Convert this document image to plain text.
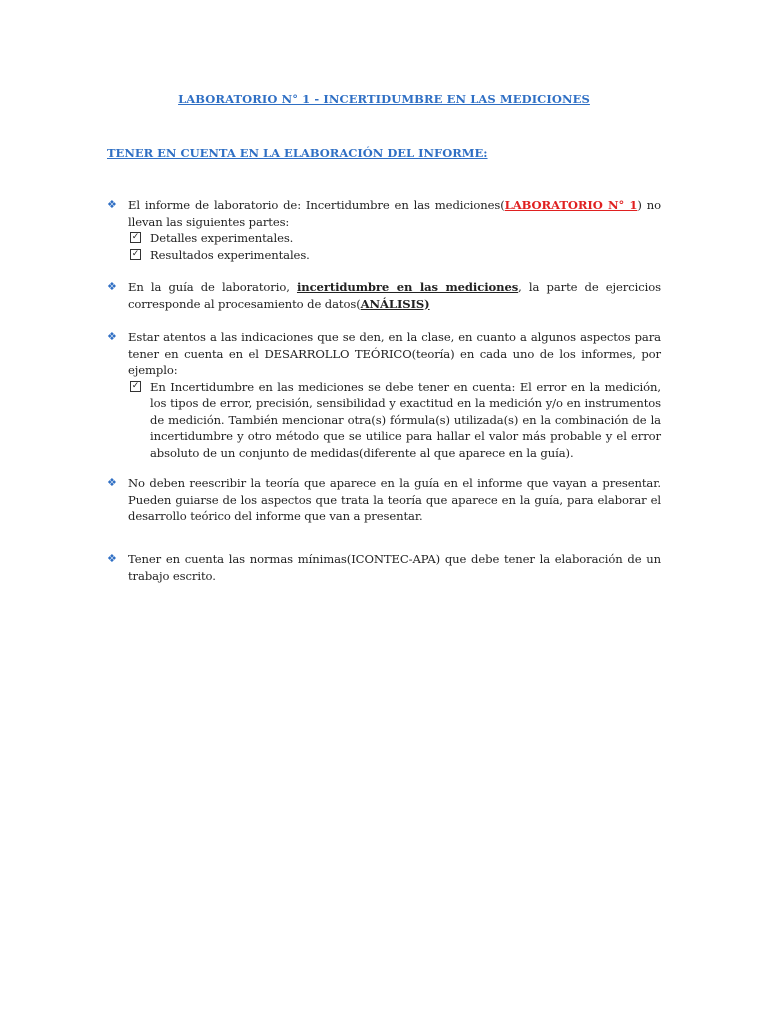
LABORATORIO N° 1 - INCERTIDUMBRE EN LAS MEDICIONES
TENER EN CUENTA EN LA ELABORACIÓN DEL INFORME:
❖ El informe de laboratorio de: Incertidumbre en las mediciones(LABORATORIO N° 1) no llevan las siguientes partes:
✓ Detalles experimentales.
✓ Resultados experimentales.
❖ En la guía de laboratorio, incertidumbre en las mediciones, la parte de ejercicios corresponde al procesamiento de datos(ANÁLISIS)
❖ Estar atentos a las indicaciones que se den, en la clase, en cuanto a algunos aspectos para tener en cuenta en el DESARROLLO TEÓRICO(teoría) en cada uno de los informes, por ejemplo:
✓ En Incertidumbre en las mediciones se debe tener en cuenta: El error en la medición, los tipos de error, precisión, sensibilidad y exactitud en la medición y/o en instrumentos de medición. También mencionar otra(s) fórmula(s) utilizada(s) en la combinación de la incertidumbre y otro método que se utilice para hallar el valor más probable y el error absoluto de un conjunto de medidas(diferente al que aparece en la guía).
❖ No deben reescribir la teoría que aparece en la guía en el informe que vayan a presentar. Pueden guiarse de los aspectos que trata la teoría que aparece en la guía, para elaborar el desarrollo teórico del informe que van a presentar.
❖ Tener en cuenta las normas mínimas(ICONTEC-APA) que debe tener la elaboración de un trabajo escrito.
